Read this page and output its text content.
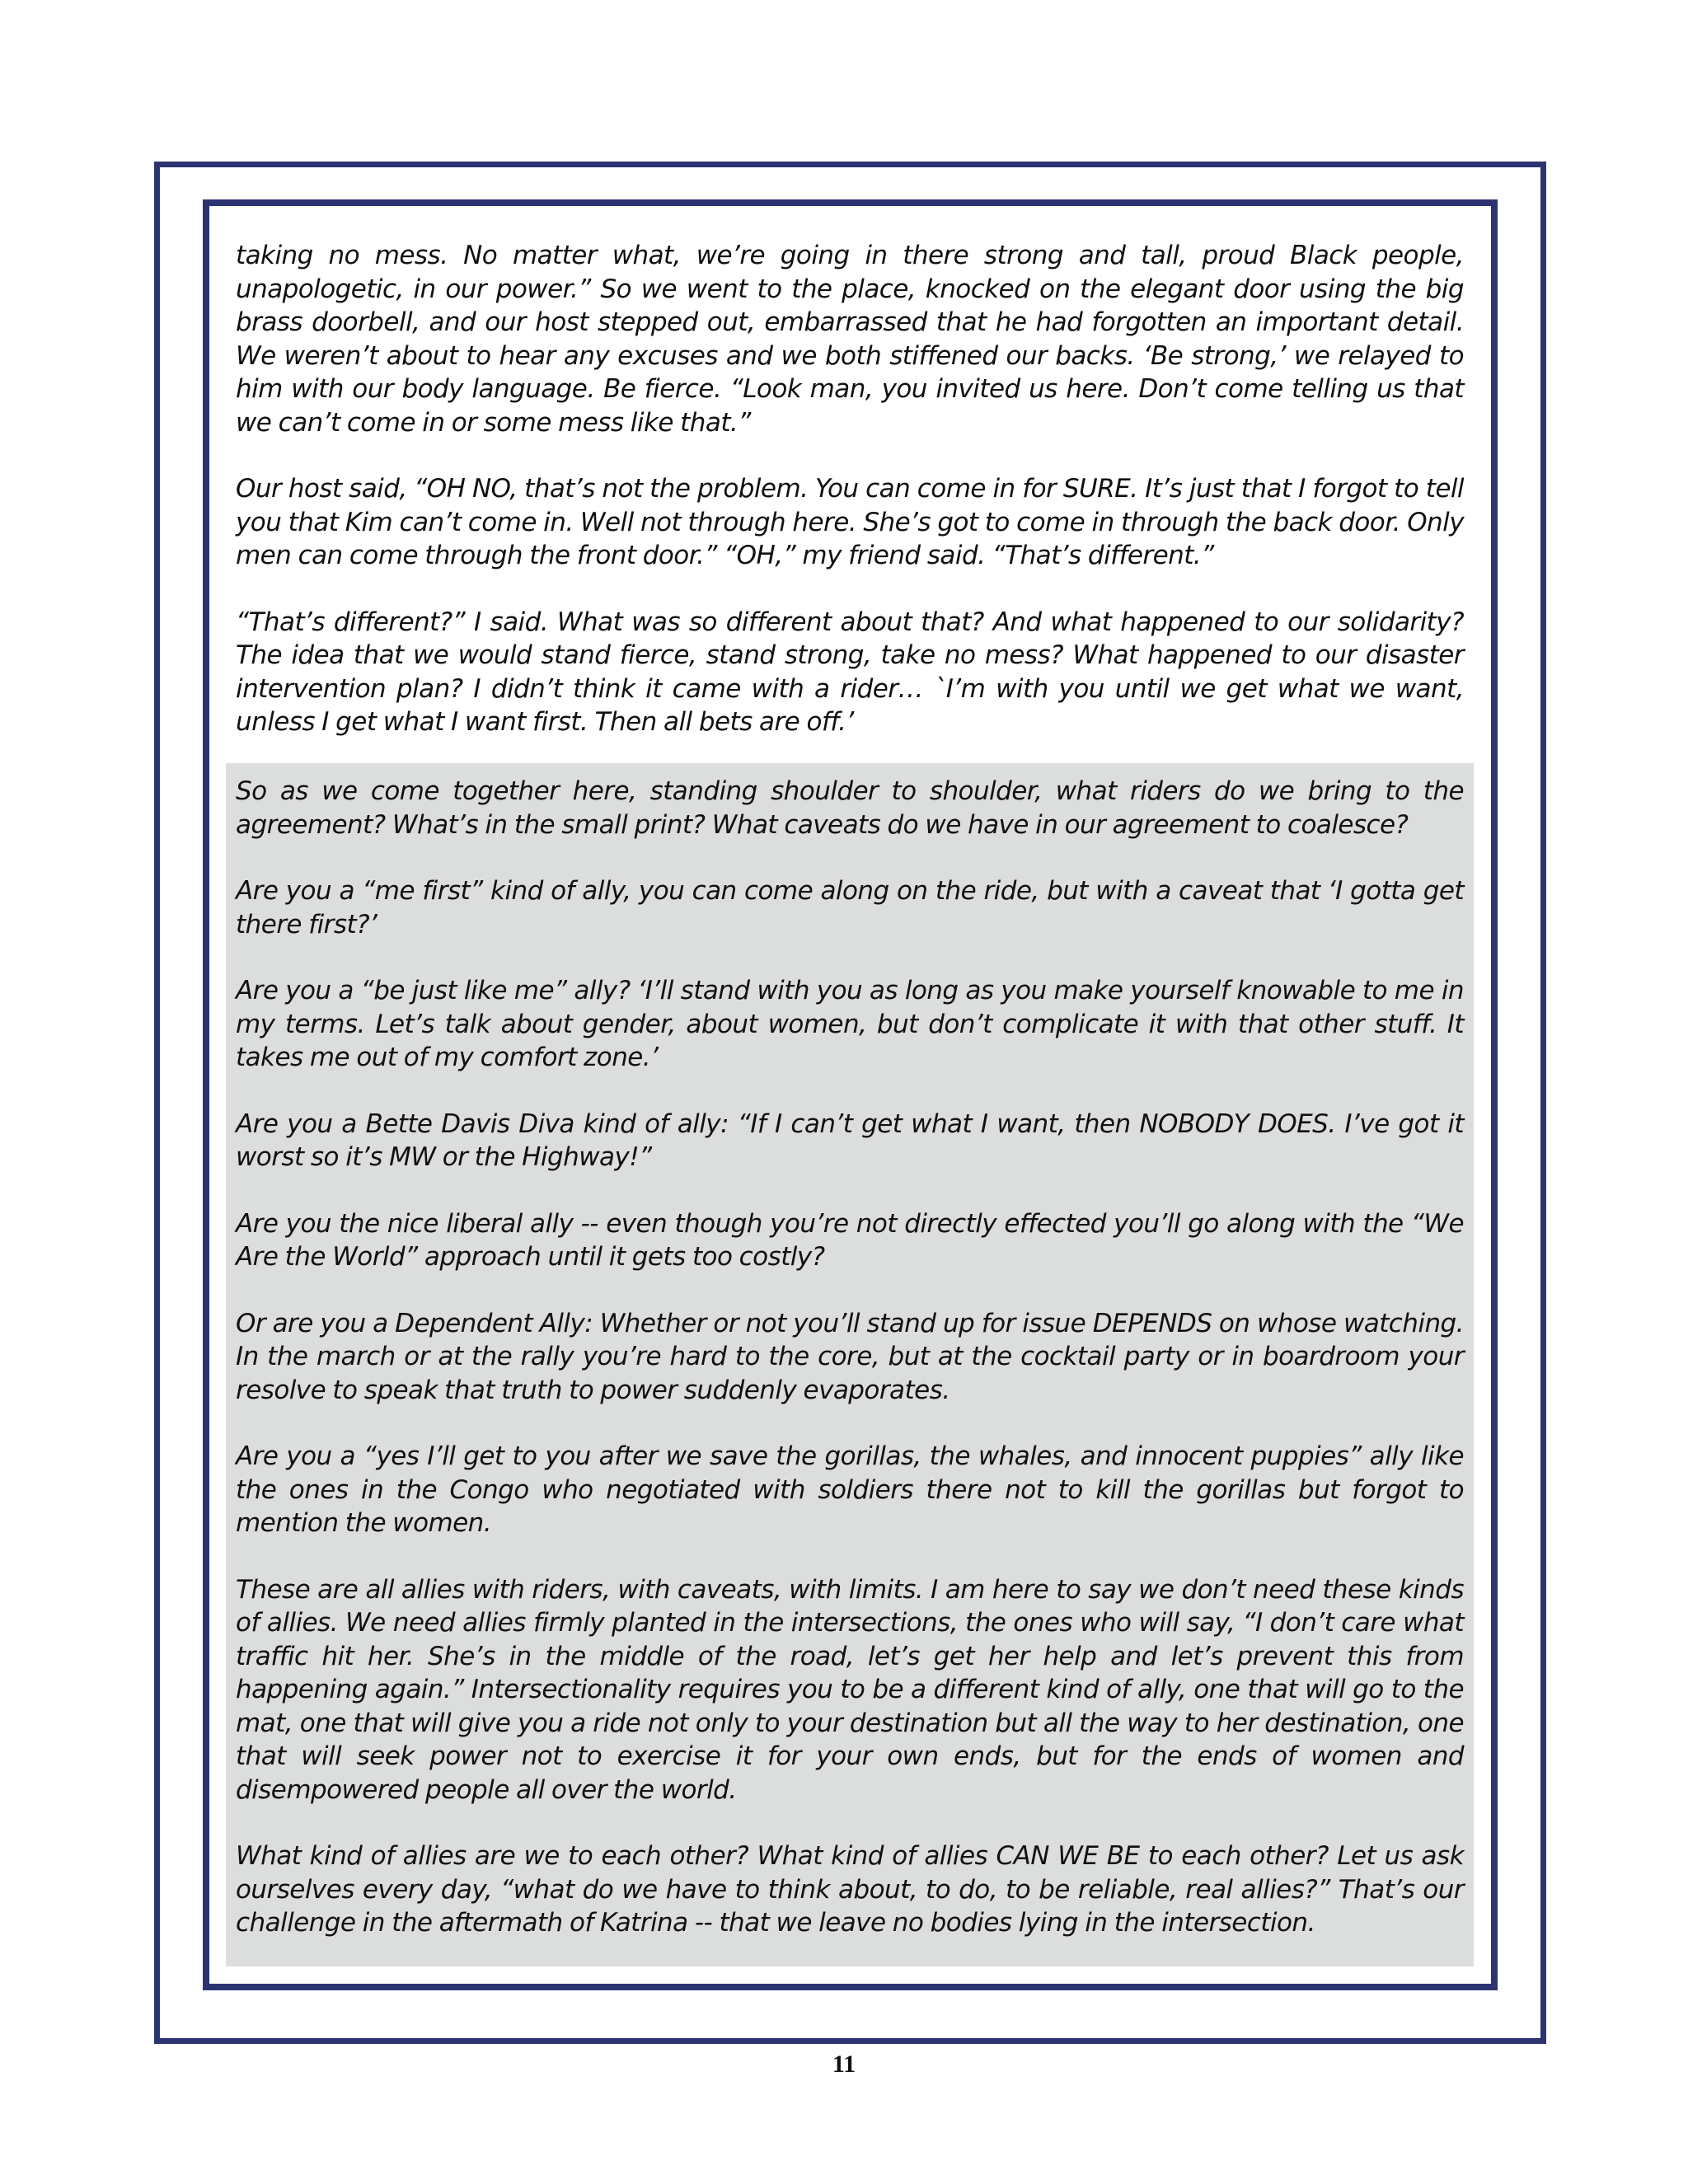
taking no mess. No matter what, we’re going in there strong and tall, proud Black people, unapologetic, in our power.” So we went to the place, knocked on the elegant door using the big brass doorbell, and our host stepped out, embarrassed that he had forgotten an important detail. We weren’t about to hear any excuses and we both stiffened our backs. ‘Be strong,’ we relayed to him with our body language. Be fierce. “Look man, you invited us here. Don’t come telling us that we can’t come in or some mess like that.”

Our host said, “OH NO, that’s not the problem. You can come in for SURE. It’s just that I forgot to tell you that Kim can’t come in. Well not through here. She’s got to come in through the back door. Only men can come through the front door.” “OH,” my friend said. “That’s different.”

“That’s different?” I said. What was so different about that? And what happened to our solidarity? The idea that we would stand fierce, stand strong, take no mess? What happened to our disaster intervention plan? I didn’t think it came with a rider… `I’m with you until we get what we want, unless I get what I want first. Then all bets are off.’

So as we come together here, standing shoulder to shoulder, what riders do we bring to the agreement? What’s in the small print? What caveats do we have in our agreement to coalesce?

Are you a “me first” kind of ally, you can come along on the ride, but with a caveat that ‘I gotta get there first?’

Are you a “be just like me” ally? ‘I’ll stand with you as long as you make yourself knowable to me in my terms. Let’s talk about gender, about women, but don’t complicate it with that other stuff. It takes me out of my comfort zone.’

Are you a Bette Davis Diva kind of ally: “If I can’t get what I want, then NOBODY DOES. I’ve got it worst so it’s MW or the Highway!”

Are you the nice liberal ally -- even though you’re not directly effected you’ll go along with the “We Are the World” approach until it gets too costly?

Or are you a Dependent Ally: Whether or not you’ll stand up for issue DEPENDS on whose watching. In the march or at the rally you’re hard to the core, but at the cocktail party or in boardroom your resolve to speak that truth to power suddenly evaporates.

Are you a “yes I’ll get to you after we save the gorillas, the whales, and innocent puppies” ally like the ones in the Congo who negotiated with soldiers there not to kill the gorillas but forgot to mention the women.

These are all allies with riders, with caveats, with limits. I am here to say we don’t need these kinds of allies. We need allies firmly planted in the intersections, the ones who will say, “I don’t care what traffic hit her. She’s in the middle of the road, let’s get her help and let’s prevent this from happening again.” Intersectionality requires you to be a different kind of ally, one that will go to the mat, one that will give you a ride not only to your destination but all the way to her destination, one that will seek power not to exercise it for your own ends, but for the ends of women and disempowered people all over the world.

What kind of allies are we to each other? What kind of allies CAN WE BE to each other? Let us ask ourselves every day, “what do we have to think about, to do, to be reliable, real allies?” That’s our challenge in the aftermath of Katrina -- that we leave no bodies lying in the intersection.

11
